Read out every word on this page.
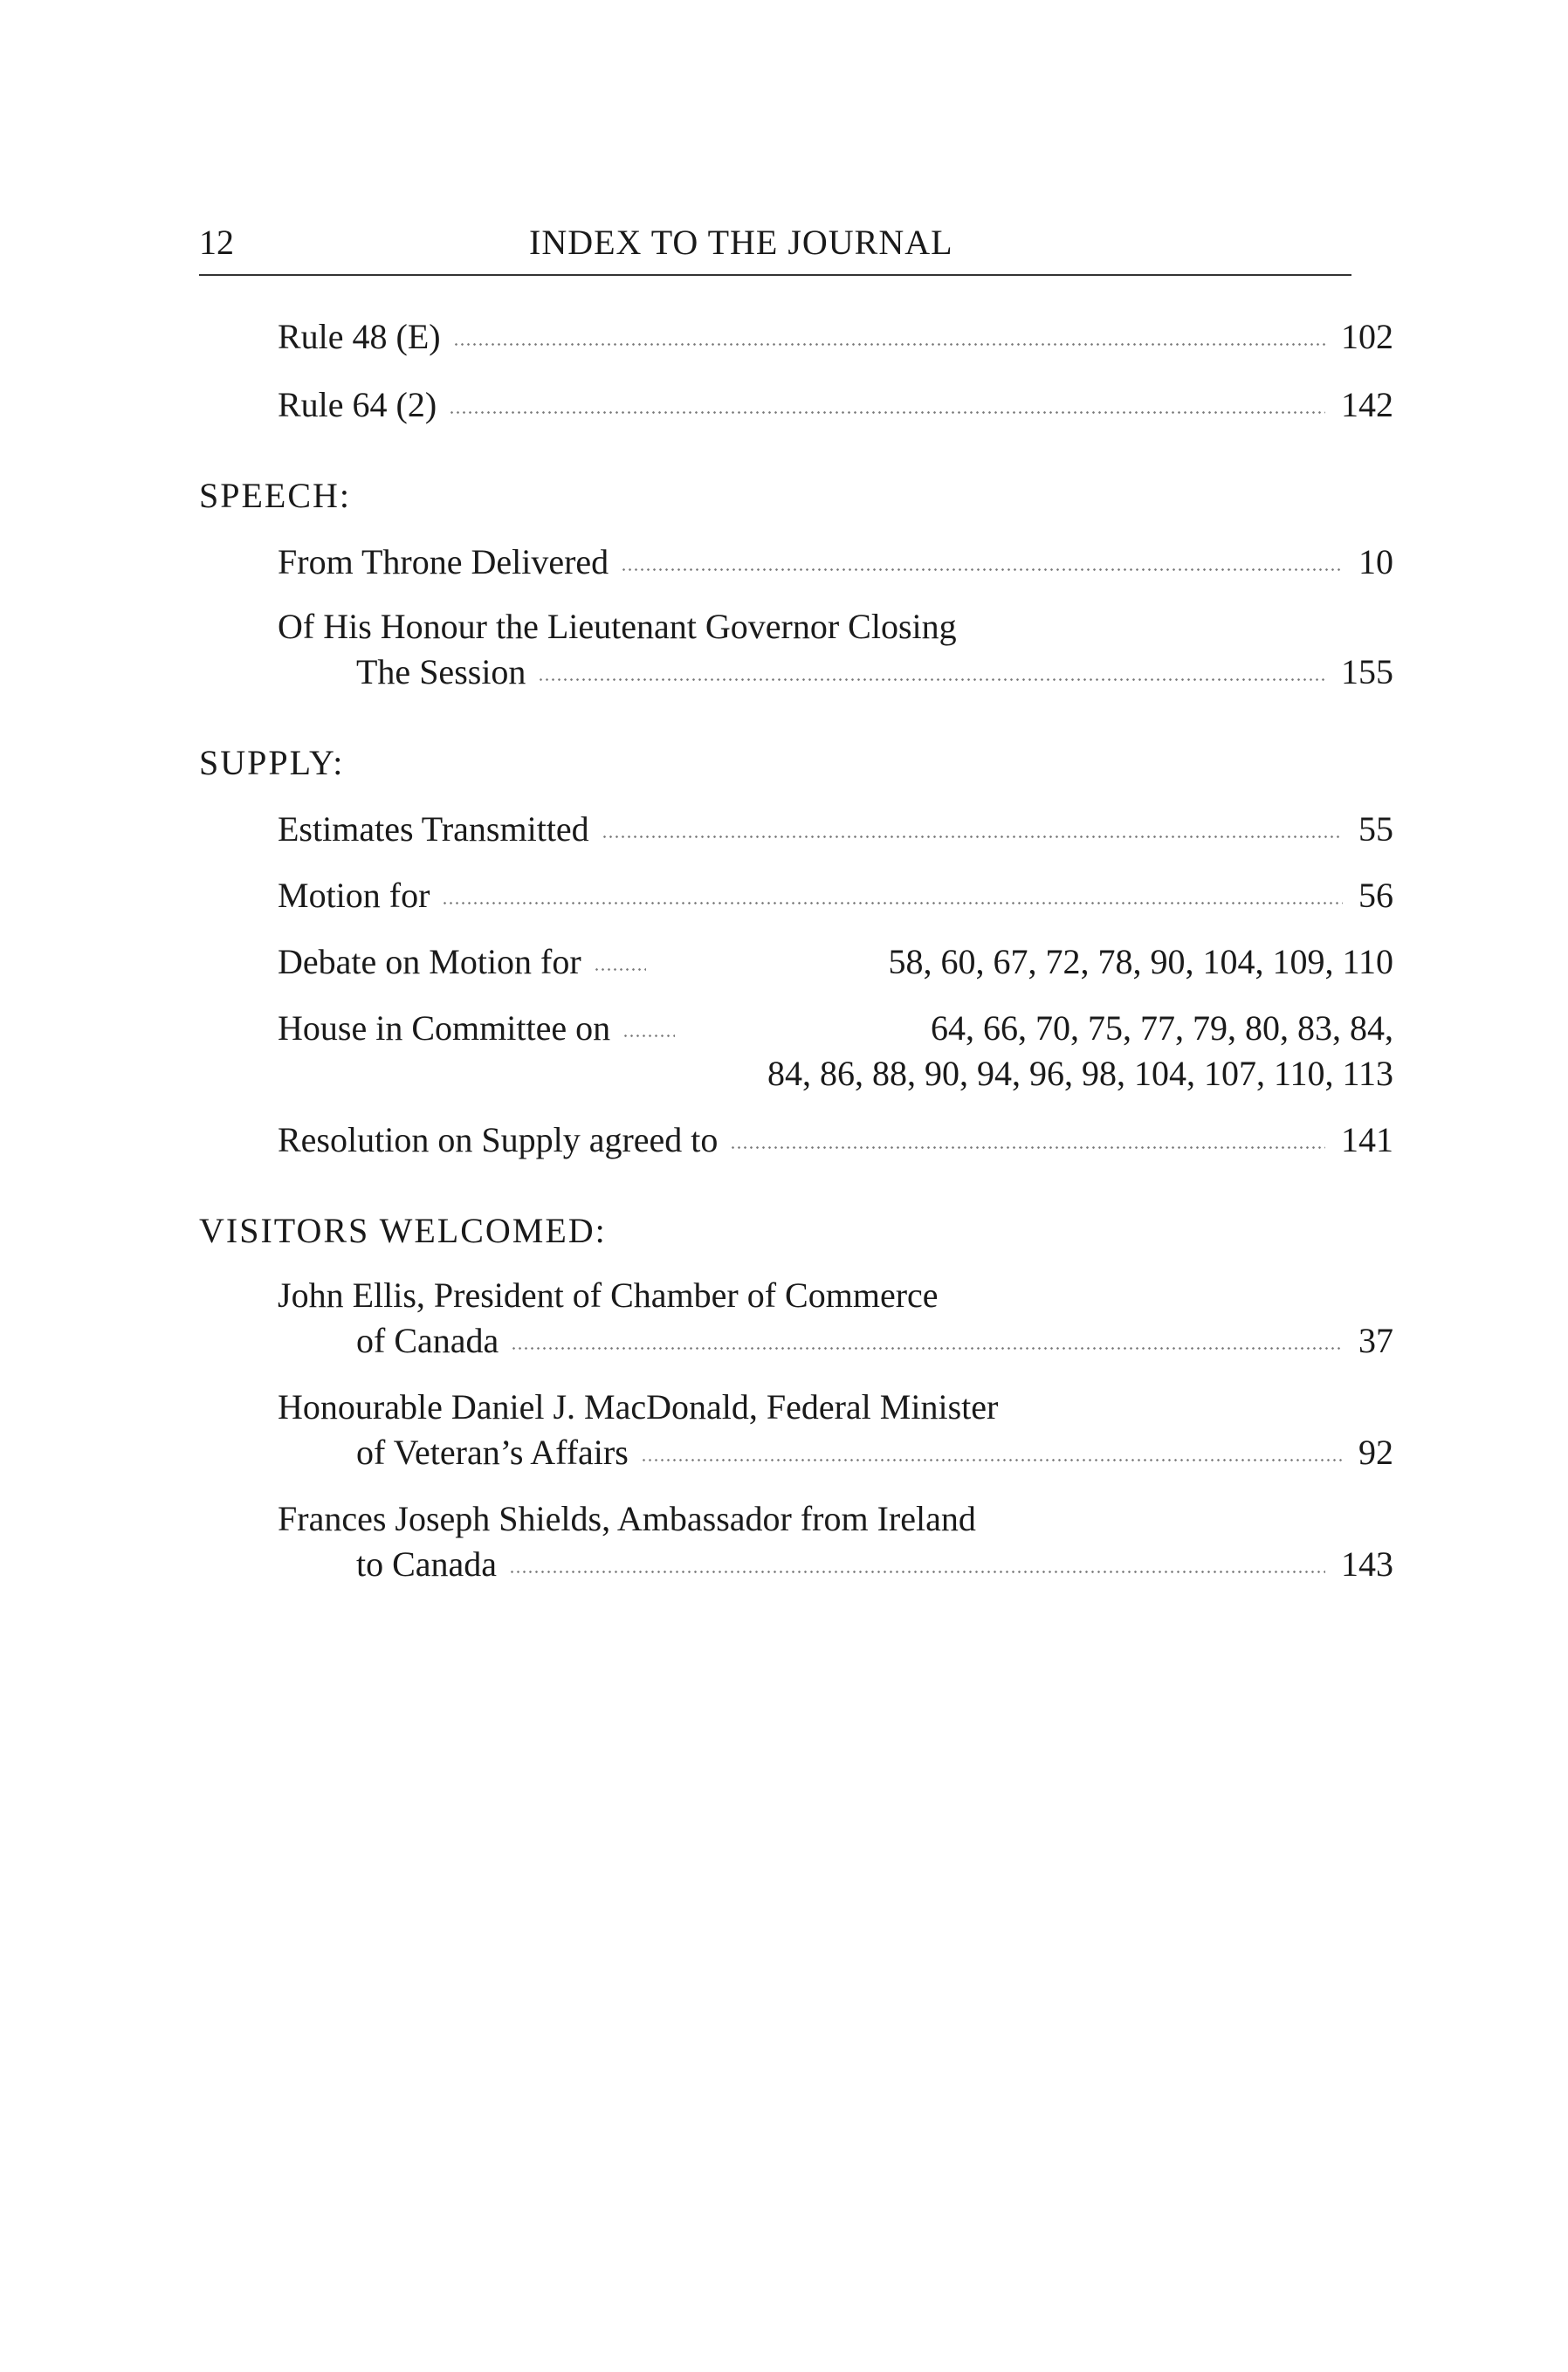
12	INDEX TO THE JOURNAL
Rule 48 (E)	102
Rule 64 (2)	142
SPEECH:
From Throne Delivered	10
Of His Honour the Lieutenant Governor Closing
The Session	155
SUPPLY:
Estimates Transmitted	55
Motion for	56
Debate on Motion for	58, 60, 67, 72, 78, 90, 104, 109, 110
House in Committee on	64, 66, 70, 75, 77, 79, 80, 83, 84,
84, 86, 88, 90, 94, 96, 98, 104, 107, 110, 113
Resolution on Supply agreed to	141
VISITORS WELCOMED:
John Ellis, President of Chamber of Commerce
of Canada	37
Honourable Daniel J. MacDonald, Federal Minister
of Veteran’s Affairs	92
Frances Joseph Shields, Ambassador from Ireland
to Canada	143
